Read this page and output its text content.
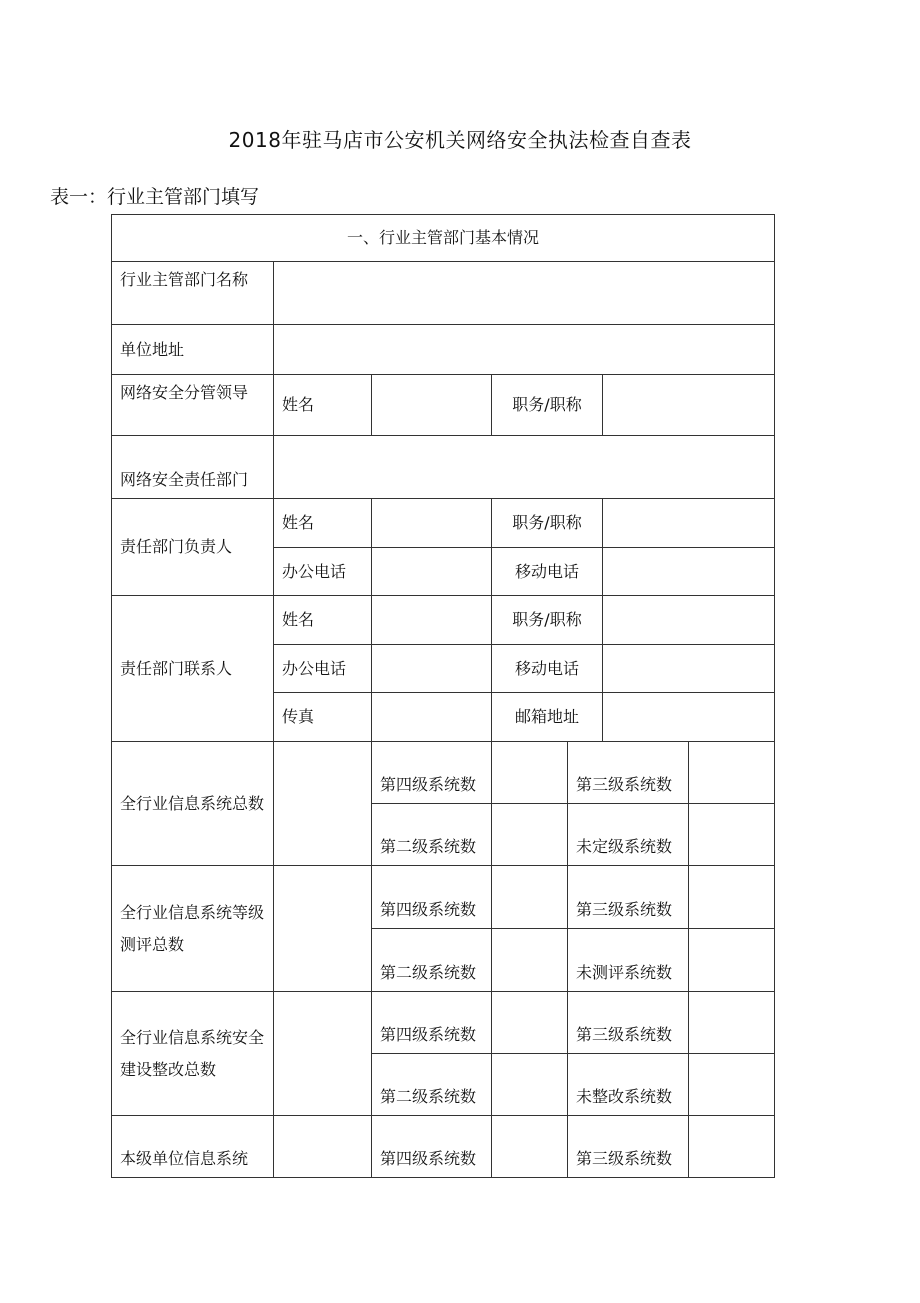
2018年驻马店市公安机关网络安全执法检查自查表
表一：行业主管部门填写
一、行业主管部门基本情况
行业主管部门名称
单位地址
网络安全分管领导
姓名	职务/职称
网络安全责任部门
责任部门负责人
姓名	职务/职称
办公电话	移动电话
责任部门联系人
姓名	职务/职称
办公电话	移动电话
传真	邮箱地址
全行业信息系统总数
第四级系统数	第三级系统数
第二级系统数	未定级系统数
全行业信息系统等级测评总数
第四级系统数	第三级系统数
第二级系统数	未测评系统数
全行业信息系统安全建设整改总数
第四级系统数	第三级系统数
第二级系统数	未整改系统数
本级单位信息系统	第四级系统数	第三级系统数
